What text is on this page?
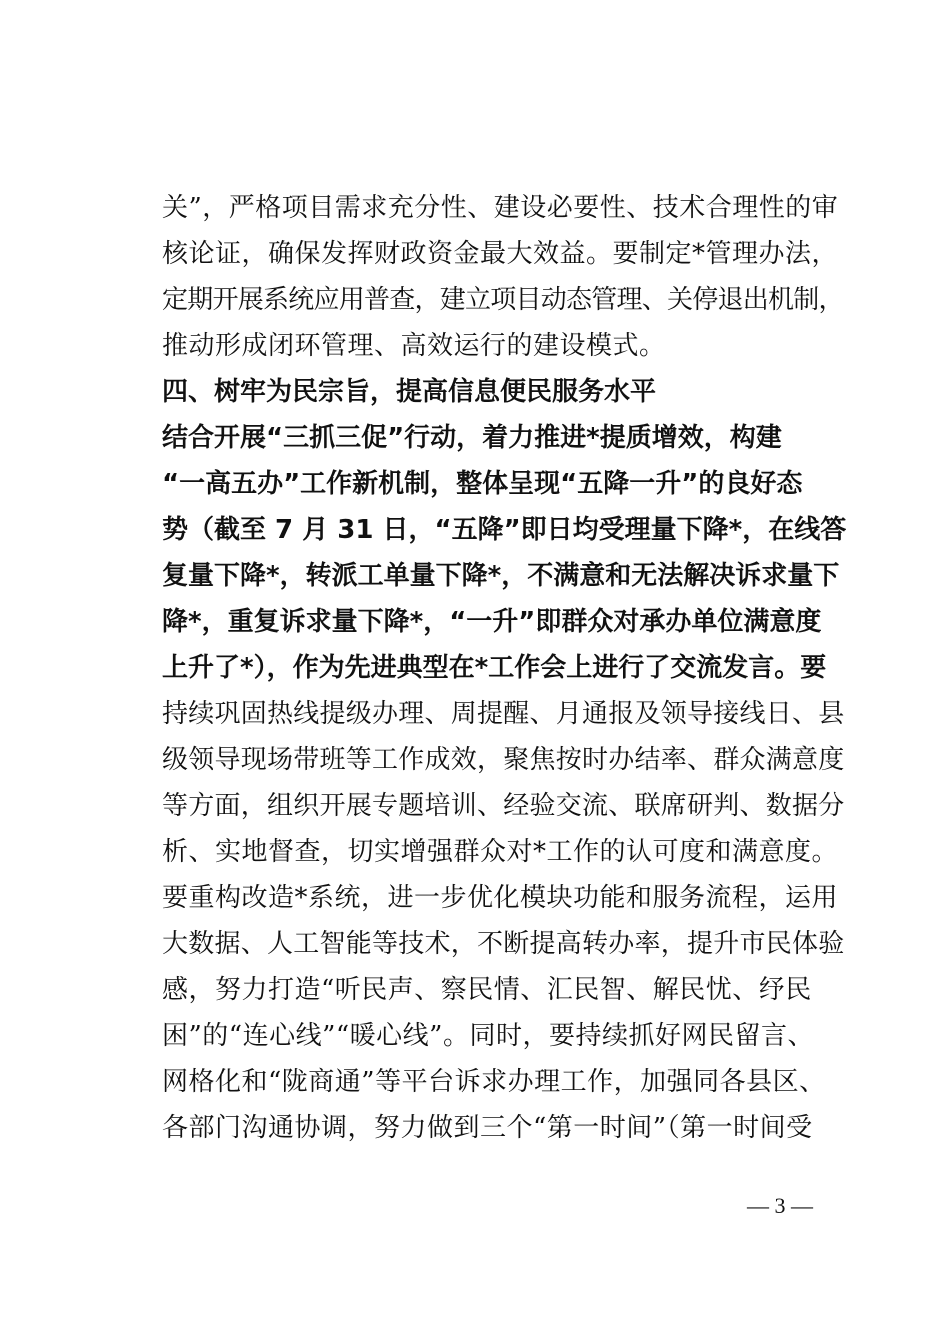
关”，严格项目需求充分性、建设必要性、技术合理性的审
核论证，确保发挥财政资金最大效益。要制定*管理办法，
定期开展系统应用普查，建立项目动态管理、关停退出机制，
推动形成闭环管理、高效运行的建设模式。
四、树牢为民宗旨，提高信息便民服务水平
结合开展“三抓三促”行动，着力推进*提质增效，构建
“一高五办”工作新机制，整体呈现“五降一升”的良好态
势（截至 7 月 31 日，“五降”即日均受理量下降*，在线答
复量下降*，转派工单量下降*，不满意和无法解决诉求量下
降*，重复诉求量下降*，“一升”即群众对承办单位满意度
上升了*），作为先进典型在*工作会上进行了交流发言。要
持续巩固热线提级办理、周提醒、月通报及领导接线日、县
级领导现场带班等工作成效，聚焦按时办结率、群众满意度
等方面，组织开展专题培训、经验交流、联席研判、数据分
析、实地督查，切实增强群众对*工作的认可度和满意度。
要重构改造*系统，进一步优化模块功能和服务流程，运用
大数据、人工智能等技术，不断提高转办率，提升市民体验
感，努力打造“听民声、察民情、汇民智、解民忧、纾民
困”的“连心线”“暖心线”。同时，要持续抓好网民留言、
网格化和“陇商通”等平台诉求办理工作，加强同各县区、
各部门沟通协调，努力做到三个“第一时间”（第一时间受
— 3 —
